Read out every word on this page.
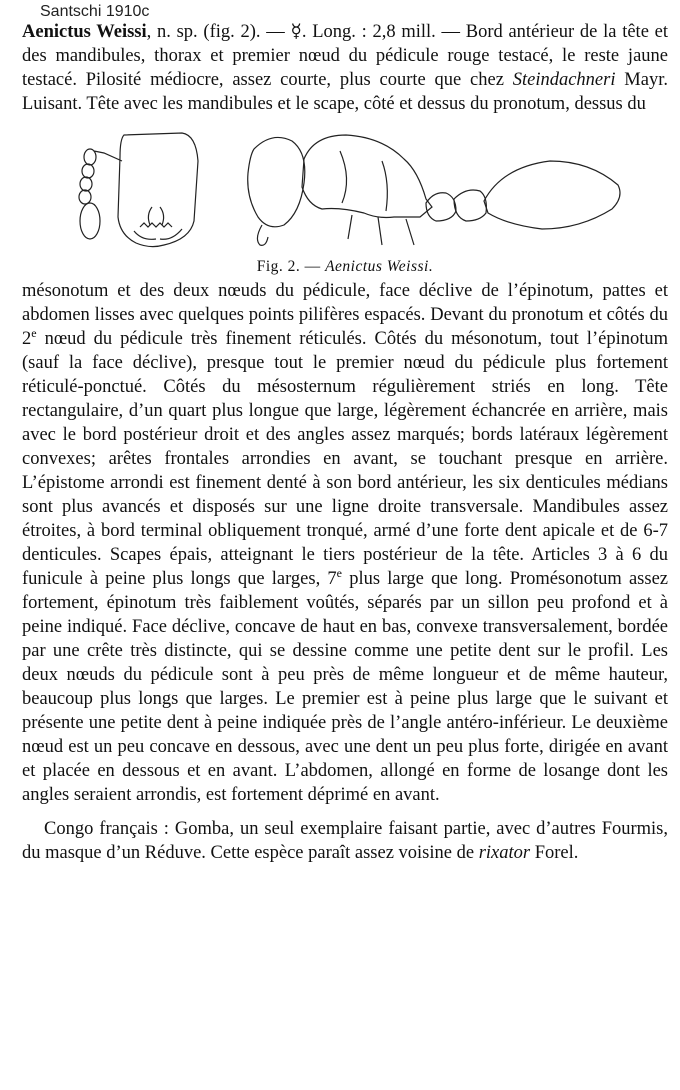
Santschi 1910c

Aenictus Weissi, n. sp. (fig. 2). — ☿. Long. : 2,8 mill. — Bord antérieur de la tête et des mandibules, thorax et premier nœud du pédicule rouge testacé, le reste jaune testacé. Pilosité médiocre, assez courte, plus courte que chez Steindachneri Mayr. Luisant. Tête avec les mandibules et le scape, côté et dessus du pronotum, dessus du

Fig. 2. — Aenictus Weissi.

mésonotum et des deux nœuds du pédicule, face déclive de l’épinotum, pattes et abdomen lisses avec quelques points pilifères espacés. Devant du pronotum et côtés du 2e nœud du pédicule très finement réticulés. Côtés du mésonotum, tout l’épinotum (sauf la face déclive), presque tout le premier nœud du pédicule plus fortement réticulé-ponctué. Côtés du mésosternum régulièrement striés en long. Tête rectangulaire, d’un quart plus longue que large, légèrement échancrée en arrière, mais avec le bord postérieur droit et des angles assez marqués; bords latéraux légèrement convexes; arêtes frontales arrondies en avant, se touchant presque en arrière. L’épistome arrondi est finement denté à son bord antérieur, les six denticules médians sont plus avancés et disposés sur une ligne droite transversale. Mandibules assez étroites, à bord terminal obliquement tronqué, armé d’une forte dent apicale et de 6-7 denticules. Scapes épais, atteignant le tiers postérieur de la tête. Articles 3 à 6 du funicule à peine plus longs que larges, 7e plus large que long. Promésonotum assez fortement, épinotum très faiblement voûtés, séparés par un sillon peu profond et à peine indiqué. Face déclive, concave de haut en bas, convexe transversalement, bordée par une crête très distincte, qui se dessine comme une petite dent sur le profil. Les deux nœuds du pédicule sont à peu près de même longueur et de même hauteur, beaucoup plus longs que larges. Le premier est à peine plus large que le suivant et présente une petite dent à peine indiquée près de l’angle antéro-inférieur. Le deuxième nœud est un peu concave en dessous, avec une dent un peu plus forte, dirigée en avant et placée en dessous et en avant. L’abdomen, allongé en forme de losange dont les angles seraient arrondis, est fortement déprimé en avant.

Congo français : Gomba, un seul exemplaire faisant partie, avec d’autres Fourmis, du masque d’un Réduve. Cette espèce paraît assez voisine de rixator Forel.
